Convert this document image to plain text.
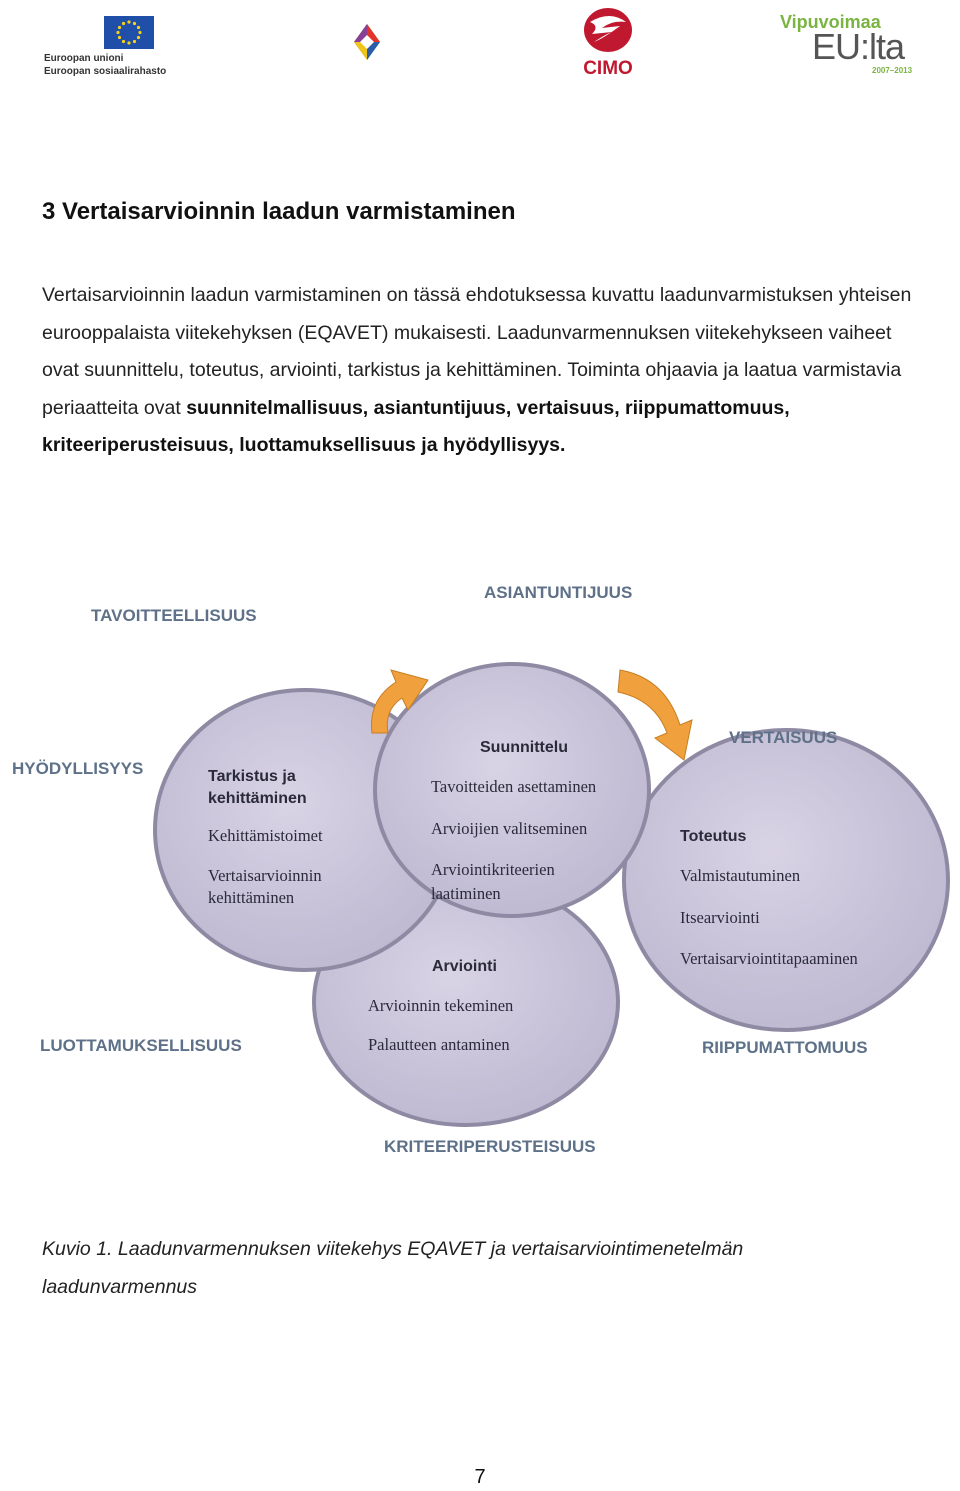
Euroopan unioni
Euroopan sosiaalirahasto	CIMO
Vipuvoimaa
EU:lta
2007–2013
3 Vertaisarvioinnin laadun varmistaminen

Vertaisarvioinnin laadun varmistaminen on tässä ehdotuksessa kuvattu laadunvarmistuksen yhteisen eurooppalaista viitekehyksen (EQAVET) mukaisesti. Laadunvarmennuksen viitekehykseen vaiheet ovat suunnittelu, toteutus, arviointi, tarkistus ja kehittäminen. Toiminta ohjaavia ja laatua varmistavia periaatteita ovat suunnitelmallisuus, asiantuntijuus, vertaisuus, riippumattomuus, kriteeriperusteisuus, luottamuksellisuus ja hyödyllisyys.

TAVOITTEELLISUUS
ASIANTUNTIJUUS
HYÖDYLLISYYS
VERTAISUUS
LUOTTAMUKSELLISUUS	RIIPPUMATTOMUUS
KRITEERIPERUSTEISUUS
Tarkistus ja
kehittäminen
Suunnittelu
Toteutus
Arviointi
Kehittämistoimet
Vertaisarvioinnin
kehittäminen
Tavoitteiden asettaminen
Arvioijien valitseminen
Arviointikriteerien
laatiminen
Valmistautuminen
Itsearviointi
Vertaisarviointitapaaminen
Arvioinnin tekeminen
Palautteen antaminen

Kuvio 1. Laadunvarmennuksen viitekehys EQAVET ja vertaisarviointimenetelmän
laadunvarmennus

7
